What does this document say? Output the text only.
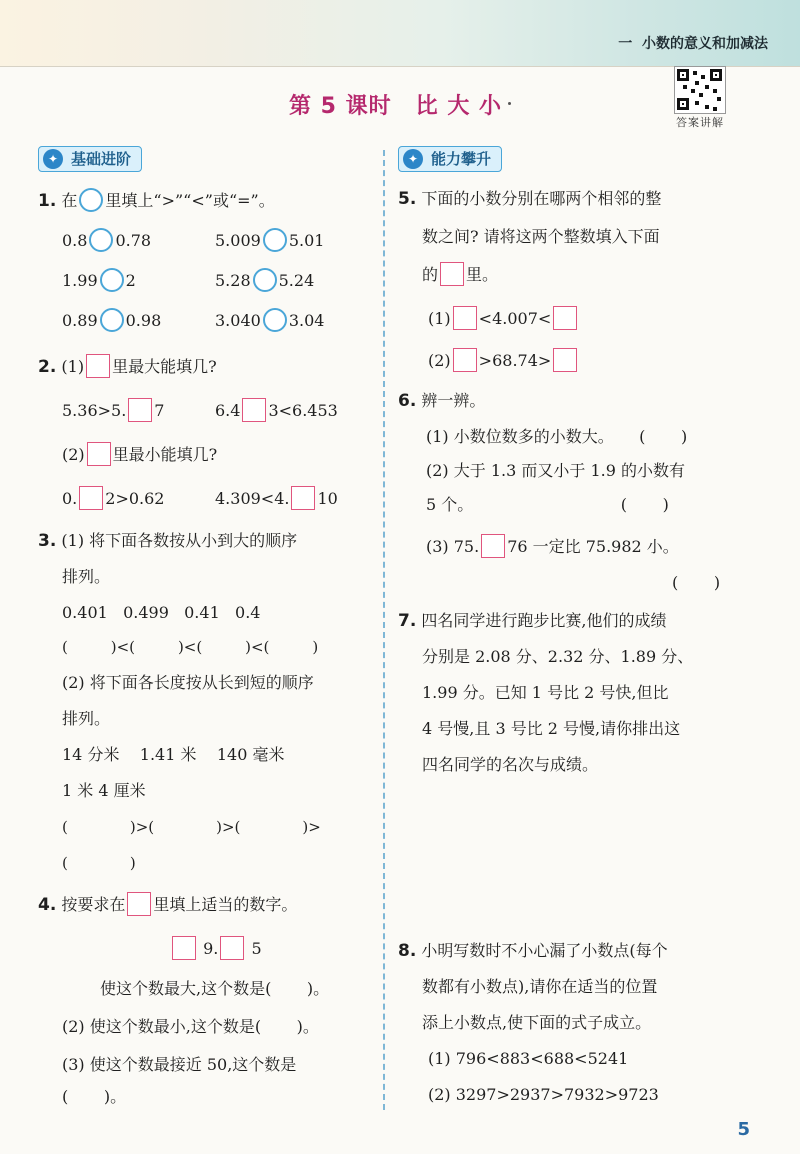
一  小数的意义和加减法
第 5 课时 比 大 小
答案讲解
✦ 基础进阶
1. 在 里填上“>”“<”或“=”。
0.8 0.78	5.009 5.01
1.99 2	5.28 5.24
0.89 0.98	3.040 3.04
2. (1) 里最大能填几?
5.36>5. 7	6.4 3<6.453
(2) 里最小能填几?
0. 2>0.62	4.309<4. 10
3. (1) 将下面各数按从小到大的顺序
排列。
0.401   0.499   0.41   0.4
(         )<(         )<(         )<(         )
(2) 将下面各长度按从长到短的顺序
排列。
14 分米    1.41 米    140 毫米
1 米 4 厘米
(             )>(             )>(             )>
(             )
4. 按要求在 里填上适当的数字。
9. 5
使这个数最大,这个数是(       )。
(2) 使这个数最小,这个数是(       )。
(3) 使这个数最接近 50,这个数是
(       )。
✦ 能力攀升
5. 下面的小数分别在哪两个相邻的整
数之间? 请将这两个整数填入下面
的 里。
(1) <4.007<
(2) >68.74>
6. 辨一辨。
(1) 小数位数多的小数大。     (       )
(2) 大于 1.3 而又小于 1.9 的小数有
5 个。                             (       )
(3) 75. 76 一定比 75.982 小。
(       )
7. 四名同学进行跑步比赛,他们的成绩
分别是 2.08 分、2.32 分、1.89 分、
1.99 分。已知 1 号比 2 号快,但比
4 号慢,且 3 号比 2 号慢,请你排出这
四名同学的名次与成绩。
8. 小明写数时不小心漏了小数点(每个
数都有小数点),请你在适当的位置
添上小数点,使下面的式子成立。
(1) 796<883<688<5241
(2) 3297>2937>7932>9723
5
